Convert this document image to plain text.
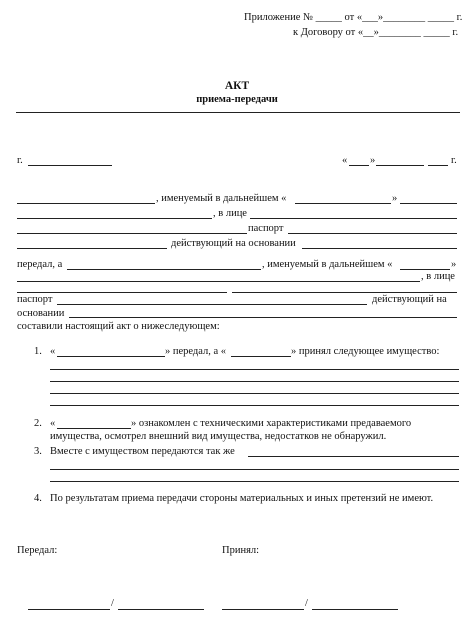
Приложение № _____ от «___»________ _____ г.
к Договору от «__»________ _____ г.
АКТ
приема-передачи
г.	« »	г.
, именуемый в дальнейшем «	»
, в лице
паспорт
действующий на основании
передал, а	, именуемый в дальнейшем «	»
, в лице
паспорт	действующий на
основании
составили настоящий акт о нижеследующем:
1. «	» передал, а «	» принял следующее имущество:
2. «	» ознакомлен с техническими характеристиками предаваемого
имущества, осмотрел внешний вид имущества, недостатков не обнаружил.
3. Вместе с имуществом передаются так же
4. По результатам приема передачи стороны материальных и иных претензий не имеют.
Передал:	Принял:
/	/
